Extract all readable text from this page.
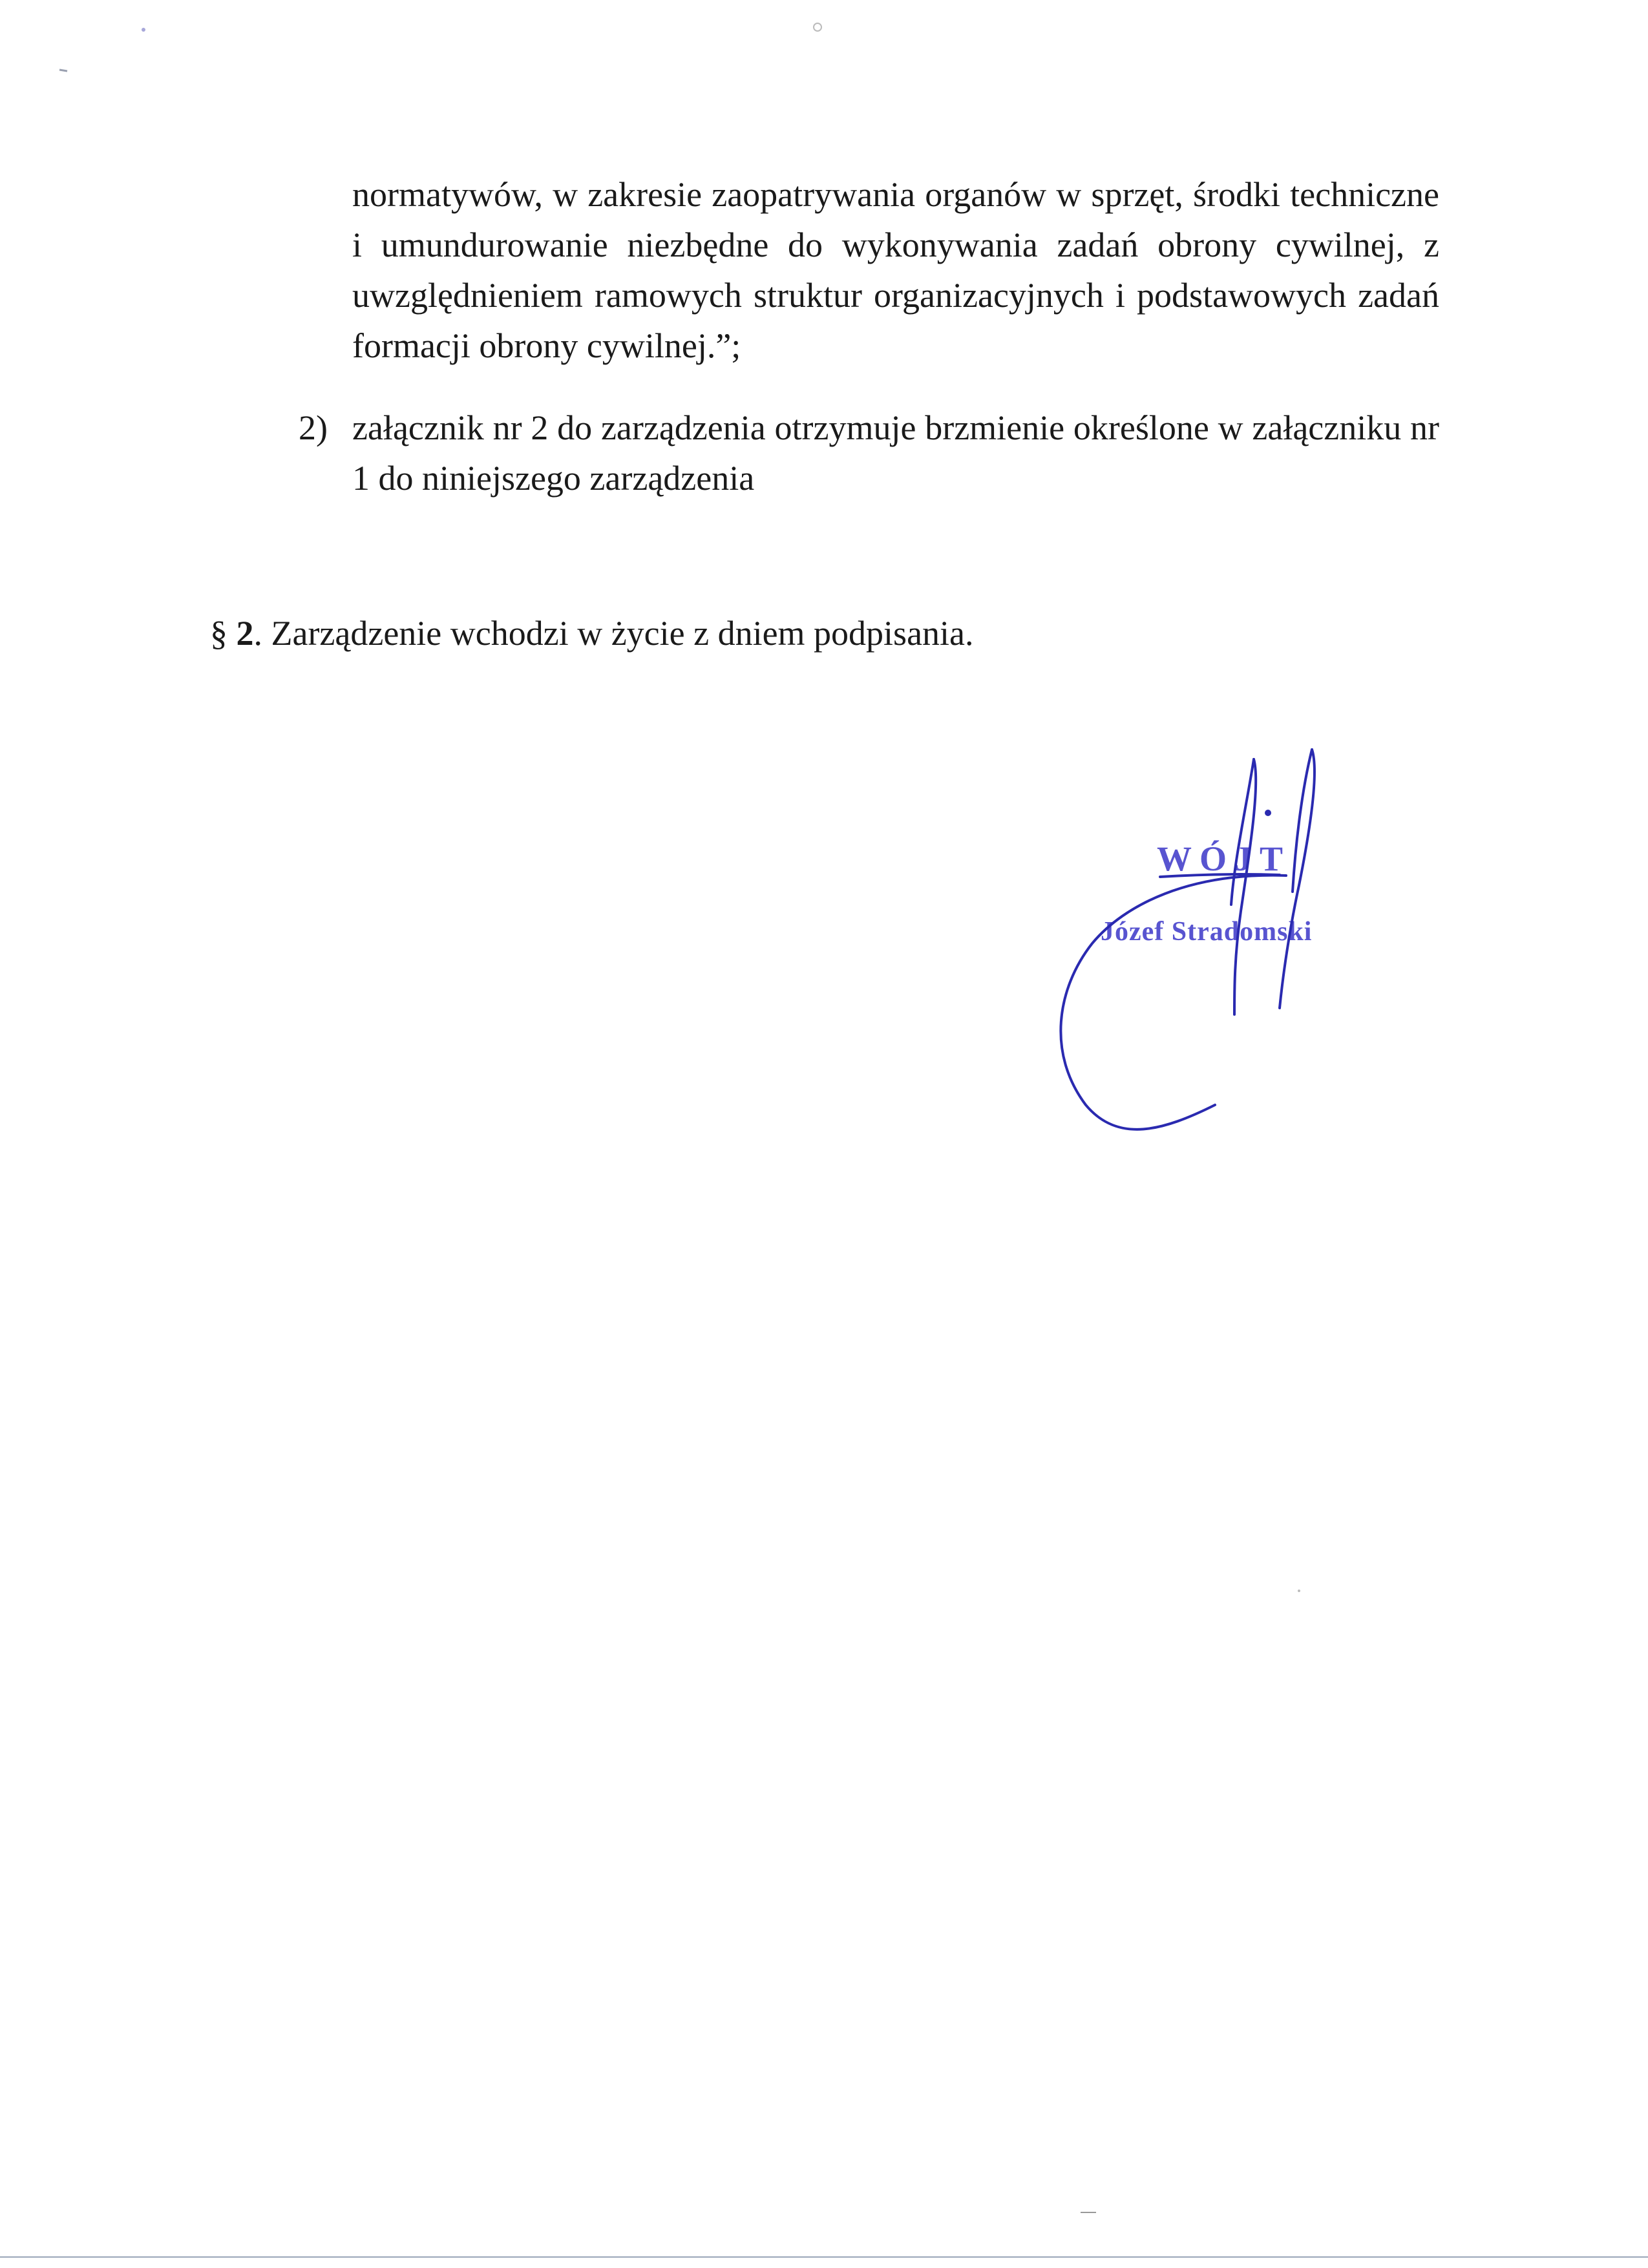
normatywów, w zakresie zaopatrywania organów w sprzęt, środki techniczne i umundurowanie niezbędne do wykonywania zadań obrony cywilnej, z uwzględnieniem ramowych struktur organizacyjnych i podstawowych zadań formacji obrony cywilnej.”;
2) załącznik nr 2 do zarządzenia otrzymuje brzmienie określone w załączniku nr 1 do niniejszego zarządzenia
§ 2. Zarządzenie wchodzi w życie z dniem podpisania.
WÓJT
Józef Stradomski
